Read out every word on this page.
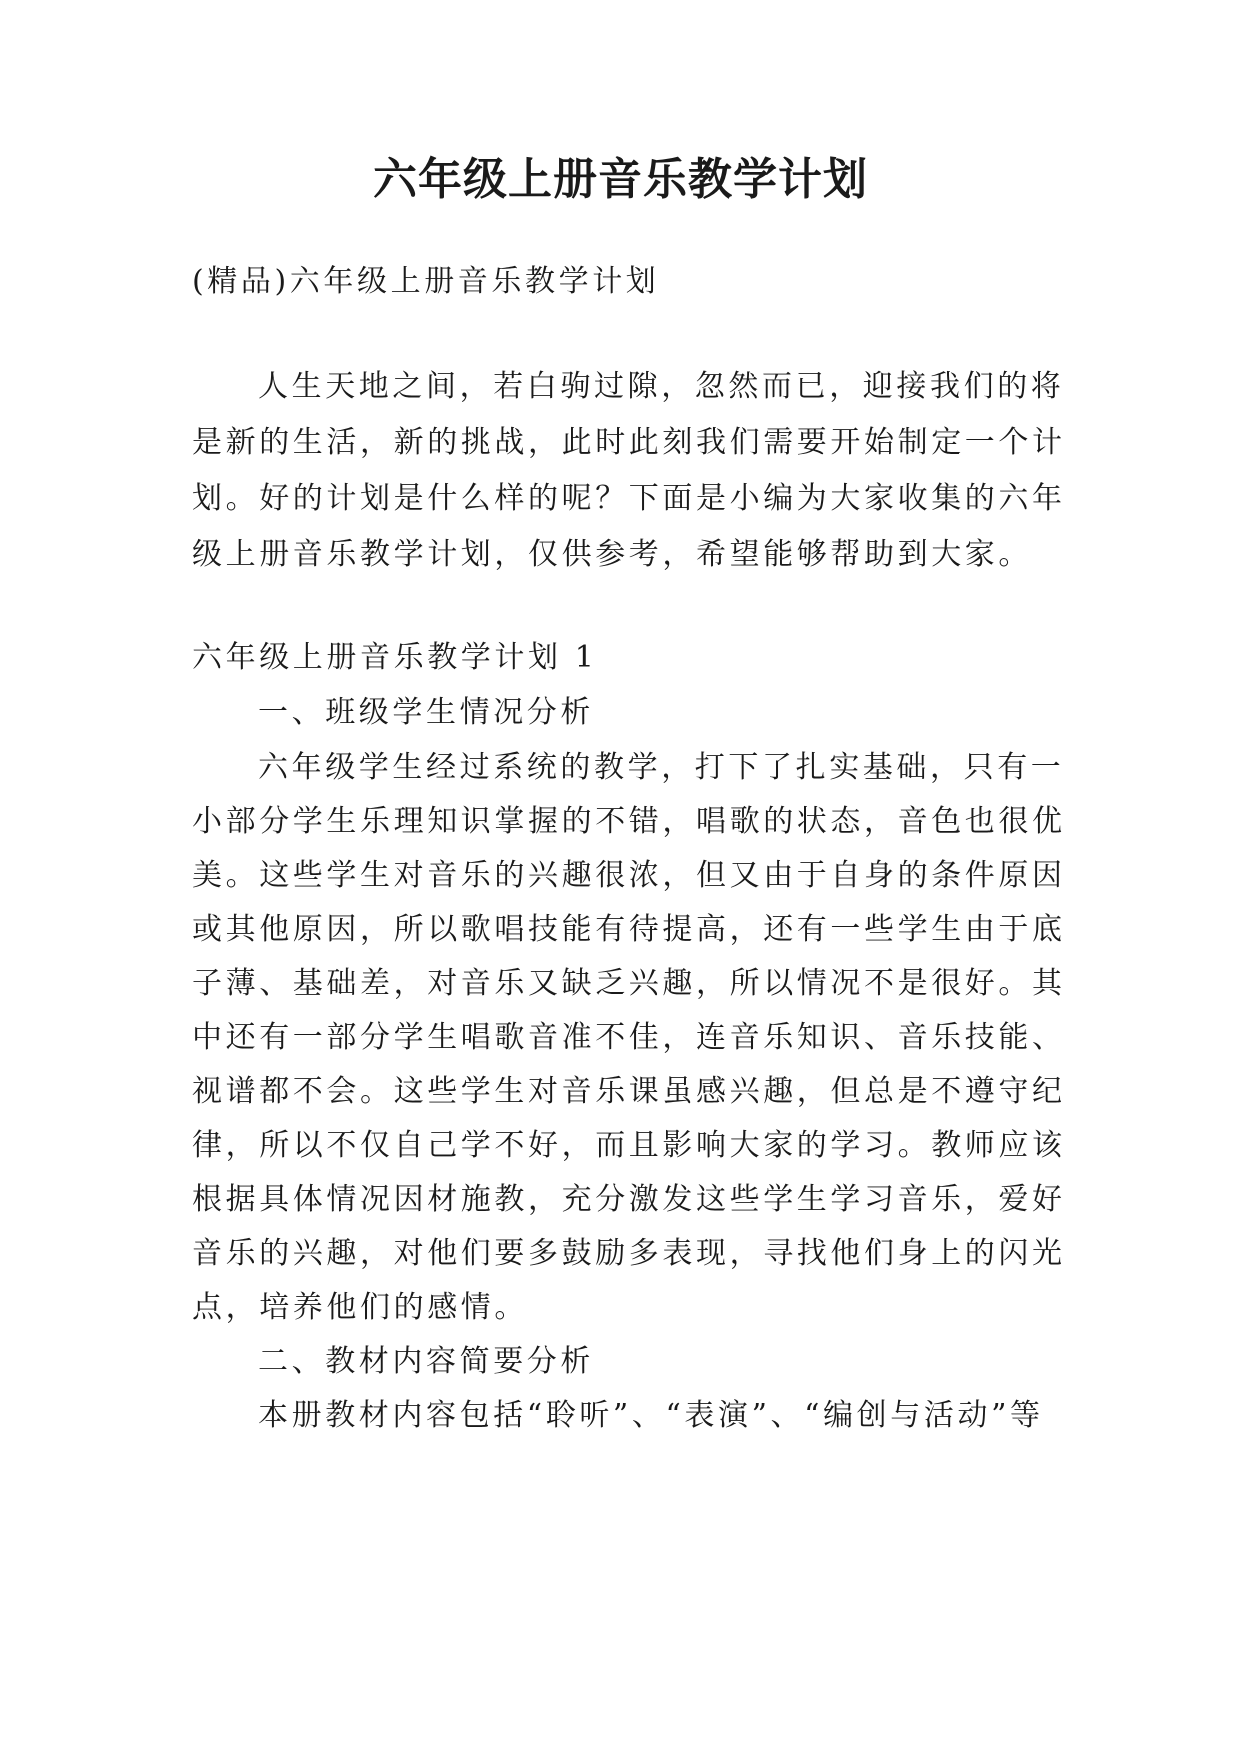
六年级上册音乐教学计划
(精品)六年级上册音乐教学计划
人生天地之间，若白驹过隙，忽然而已，迎接我们的将
是新的生活，新的挑战，此时此刻我们需要开始制定一个计
划。好的计划是什么样的呢？下面是小编为大家收集的六年
级上册音乐教学计划，仅供参考，希望能够帮助到大家。
六年级上册音乐教学计划 1
一、班级学生情况分析
六年级学生经过系统的教学，打下了扎实基础，只有一
小部分学生乐理知识掌握的不错，唱歌的状态，音色也很优
美。这些学生对音乐的兴趣很浓，但又由于自身的条件原因
或其他原因，所以歌唱技能有待提高，还有一些学生由于底
子薄、基础差，对音乐又缺乏兴趣，所以情况不是很好。其
中还有一部分学生唱歌音准不佳，连音乐知识、音乐技能、
视谱都不会。这些学生对音乐课虽感兴趣，但总是不遵守纪
律，所以不仅自己学不好，而且影响大家的学习。教师应该
根据具体情况因材施教，充分激发这些学生学习音乐，爱好
音乐的兴趣，对他们要多鼓励多表现，寻找他们身上的闪光
点，培养他们的感情。
二、教材内容简要分析
本册教材内容包括“聆听”、“表演”、“编创与活动”等
